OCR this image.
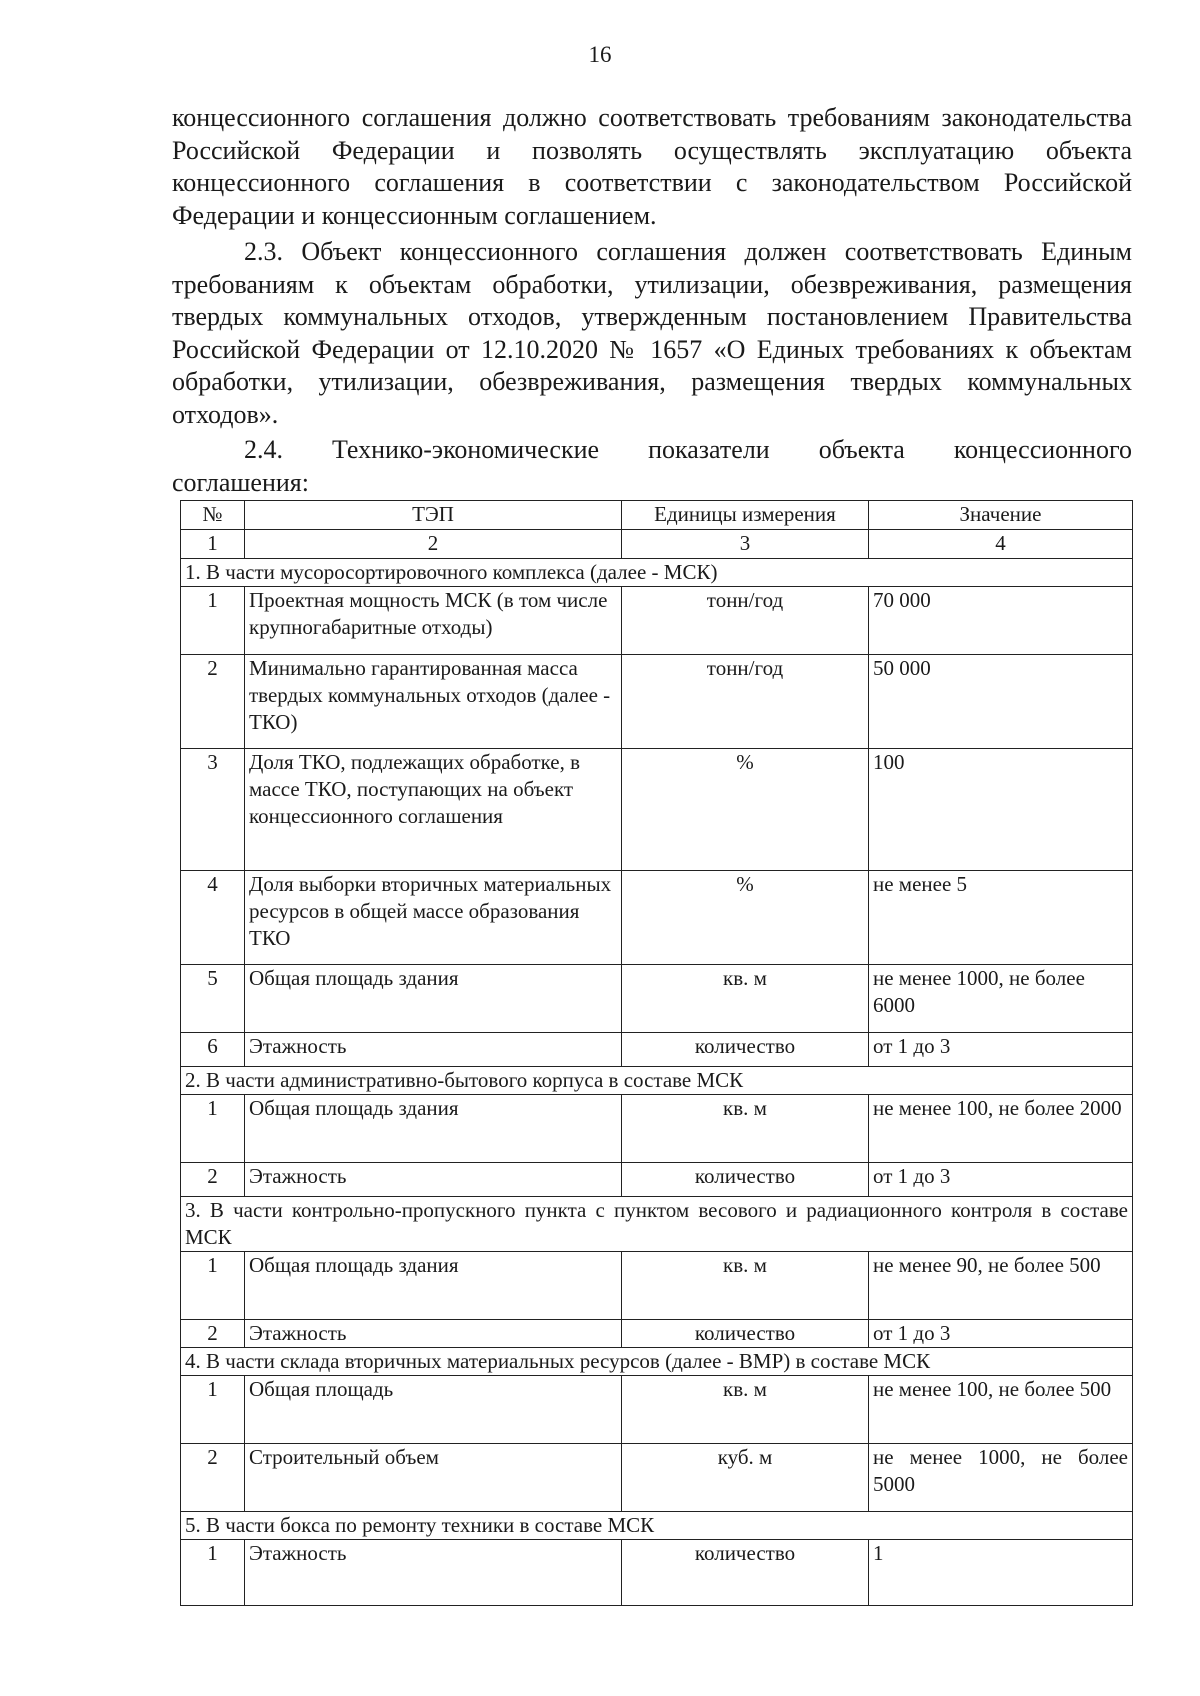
16

концессионного соглашения должно соответствовать требованиям законодательства Российской Федерации и позволять осуществлять эксплуатацию объекта концессионного соглашения в соответствии с законодательством Российской Федерации и концессионным соглашением.

2.3. Объект концессионного соглашения должен соответствовать Единым требованиям к объектам обработки, утилизации, обезвреживания, размещения твердых коммунальных отходов, утвержденным постановлением Правительства Российской Федерации от 12.10.2020 № 1657 «О Единых требованиях к объектам обработки, утилизации, обезвреживания, размещения твердых коммунальных отходов».

2.4. Технико-экономические показатели объекта концессионного
соглашения:

№	ТЭП	Единицы измерения	Значение
1	2	3	4
1. В части мусоросортировочного комплекса (далее - МСК)			
1	Проектная мощность МСК (в том числе крупногабаритные отходы)	тонн/год	70 000
2	Минимально гарантированная масса твердых коммунальных отходов (далее - ТКО)	тонн/год	50 000
3	Доля ТКО, подлежащих обработке, в массе ТКО, поступающих на объект концессионного соглашения	%	100
4	Доля выборки вторичных материальных ресурсов в общей массе образования ТКО	%	не менее 5
5	Общая площадь здания	кв. м	не менее 1000, не более 6000
6	Этажность	количество	от 1 до 3
2. В части административно-бытового корпуса в составе МСК			
1	Общая площадь здания	кв. м	не менее 100, не более 2000
2	Этажность	количество	от 1 до 3
3. В части контрольно-пропускного пункта с пунктом весового и радиационного контроля в составе МСК			
1	Общая площадь здания	кв. м	не менее 90, не более 500
2	Этажность	количество	от 1 до 3
4. В части склада вторичных материальных ресурсов (далее - ВМР) в составе МСК			
1	Общая площадь	кв. м	не менее 100, не более 500
2	Строительный объем	куб. м	не менее 1000, не более 5000
5. В части бокса по ремонту техники в составе МСК			
1	Этажность	количество	1
